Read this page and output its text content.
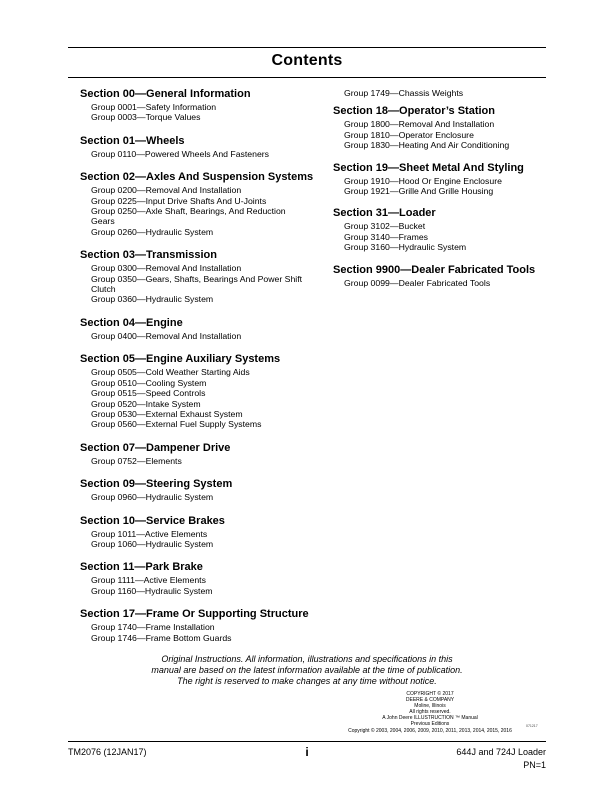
Contents
Section 00—General Information
Group 0001—Safety Information
Group 0003—Torque Values
Section 01—Wheels
Group 0110—Powered Wheels And Fasteners
Section 02—Axles And Suspension Systems
Group 0200—Removal And Installation
Group 0225—Input Drive Shafts And U-Joints
Group 0250—Axle Shaft, Bearings, And Reduction
Gears
Group 0260—Hydraulic System
Section 03—Transmission
Group 0300—Removal And Installation
Group 0350—Gears, Shafts, Bearings And Power Shift
Clutch
Group 0360—Hydraulic System
Section 04—Engine
Group 0400—Removal And Installation
Section 05—Engine Auxiliary Systems
Group 0505—Cold Weather Starting Aids
Group 0510—Cooling System
Group 0515—Speed Controls
Group 0520—Intake System
Group 0530—External Exhaust System
Group 0560—External Fuel Supply Systems
Section 07—Dampener Drive
Group 0752—Elements
Section 09—Steering System
Group 0960—Hydraulic System
Section 10—Service Brakes
Group 1011—Active Elements
Group 1060—Hydraulic System
Section 11—Park Brake
Group 1111—Active Elements
Group 1160—Hydraulic System
Section 17—Frame Or Supporting Structure
Group 1740—Frame Installation
Group 1746—Frame Bottom Guards
Group 1749—Chassis Weights
Section 18—Operator’s Station
Group 1800—Removal And Installation
Group 1810—Operator Enclosure
Group 1830—Heating And Air Conditioning
Section 19—Sheet Metal And Styling
Group 1910—Hood Or Engine Enclosure
Group 1921—Grille And Grille Housing
Section 31—Loader
Group 3102—Bucket
Group 3140—Frames
Group 3160—Hydraulic System
Section 9900—Dealer Fabricated Tools
Group 0099—Dealer Fabricated Tools
Original Instructions. All information, illustrations and specifications in this
manual are based on the latest information available at the time of publication.
The right is reserved to make changes at any time without notice.
COPYRIGHT © 2017
DEERE & COMPANY
Moline, Illinois
All rights reserved.
A John Deere ILLUSTRUCTION ™ Manual
Previous Editions
Copyright © 2003, 2004, 2006, 2009, 2010, 2011, 2013, 2014, 2015, 2016
071217
TM2076 (12JAN17)	i	644J and 724J Loader
PN=1
